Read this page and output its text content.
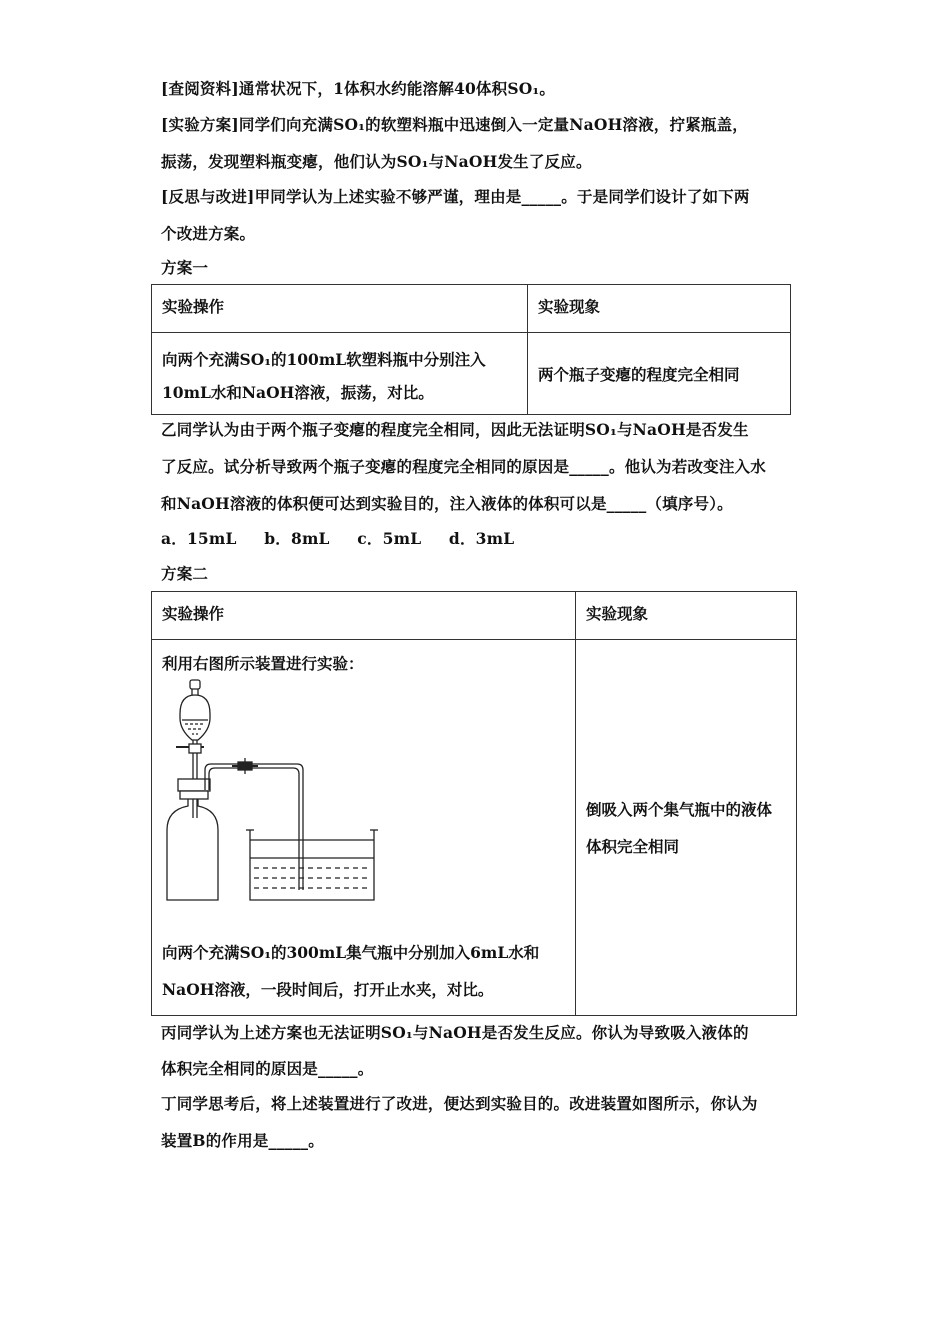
[查阅资料]通常状况下，1体积水约能溶解40体积SO₁。
[实验方案]同学们向充满SO₁的软塑料瓶中迅速倒入一定量NaOH溶液，拧紧瓶盖，
振荡，发现塑料瓶变瘪，他们认为SO₁与NaOH发生了反应。
[反思与改进]甲同学认为上述实验不够严谨，理由是_____。于是同学们设计了如下两
个改进方案。
方案一
实验操作	实验现象

向两个充满SO₁的100mL软塑料瓶中分别注入
10mL水和NaOH溶液，振荡，对比。	两个瓶子变瘪的程度完全相同
乙同学认为由于两个瓶子变瘪的程度完全相同，因此无法证明SO₁与NaOH是否发生
了反应。试分析导致两个瓶子变瘪的程度完全相同的原因是_____。他认为若改变注入水
和NaOH溶液的体积便可达到实验目的，注入液体的体积可以是_____（填序号）。
a．15mL b．8mL c．5mL d．3mL
方案二
实验操作	实验现象

利用右图所示装置进行实验：
向两个充满SO₁的300mL集气瓶中分别加入6mL水和
NaOH溶液，一段时间后，打开止水夹，对比。	倒吸入两个集气瓶中的液体
体积完全相同
丙同学认为上述方案也无法证明SO₁与NaOH是否发生反应。你认为导致吸入液体的
体积完全相同的原因是_____。
丁同学思考后，将上述装置进行了改进，便达到实验目的。改进装置如图所示，你认为
装置B的作用是_____。
